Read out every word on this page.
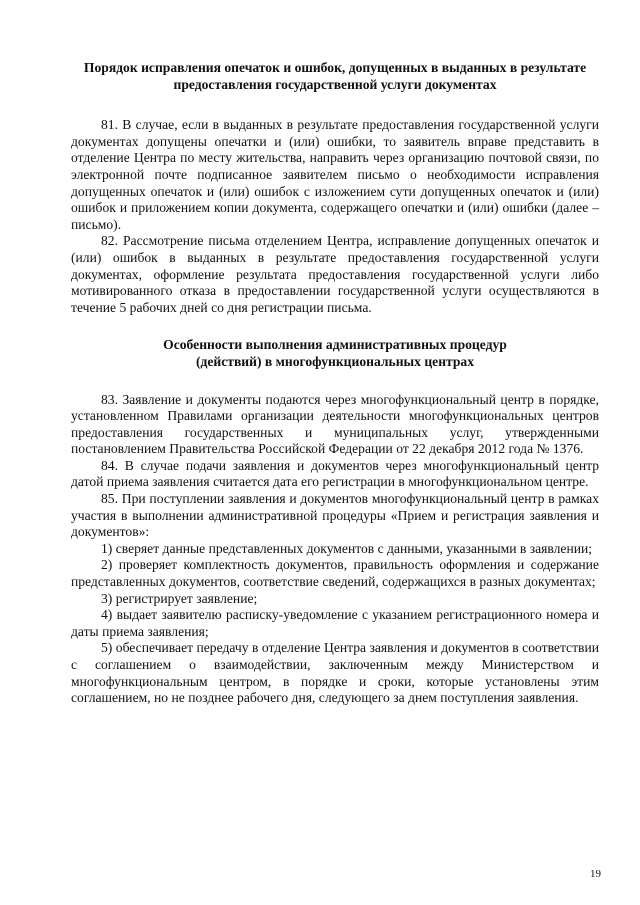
Порядок исправления опечаток и ошибок, допущенных в выданных в результате предоставления государственной услуги документах

81. В случае, если в выданных в результате предоставления государственной услуги документах допущены опечатки и (или) ошибки, то заявитель вправе представить в отделение Центра по месту жительства, направить через организацию почтовой связи, по электронной почте подписанное заявителем письмо о необходимости исправления допущенных опечаток и (или) ошибок с изложением сути допущенных опечаток и (или) ошибок и приложением копии документа, содержащего опечатки и (или) ошибки (далее – письмо).

82. Рассмотрение письма отделением Центра, исправление допущенных опечаток и (или) ошибок в выданных в результате предоставления государственной услуги документах, оформление результата предоставления государственной услуги либо мотивированного отказа в предоставлении государственной услуги осуществляются в течение 5 рабочих дней со дня регистрации письма.

Особенности выполнения административных процедур
(действий) в многофункциональных центрах

83. Заявление и документы подаются через многофункциональный центр в порядке, установленном Правилами организации деятельности многофункциональных центров предоставления государственных и муниципальных услуг, утвержденными постановлением Правительства Российской Федерации от 22 декабря 2012 года № 1376.

84. В случае подачи заявления и документов через многофункциональный центр датой приема заявления считается дата его регистрации в многофункциональном центре.

85. При поступлении заявления и документов многофункциональный центр в рамках участия в выполнении административной процедуры «Прием и регистрация заявления и документов»:

1) сверяет данные представленных документов с данными, указанными в заявлении;

2) проверяет комплектность документов, правильность оформления и содержание представленных документов, соответствие сведений, содержащихся в разных документах;

3) регистрирует заявление;

4) выдает заявителю расписку-уведомление с указанием регистрационного номера и даты приема заявления;

5) обеспечивает передачу в отделение Центра заявления и документов в соответствии с соглашением о взаимодействии, заключенным между Министерством и многофункциональным центром, в порядке и сроки, которые установлены этим соглашением, но не позднее рабочего дня, следующего за днем поступления заявления.

19
